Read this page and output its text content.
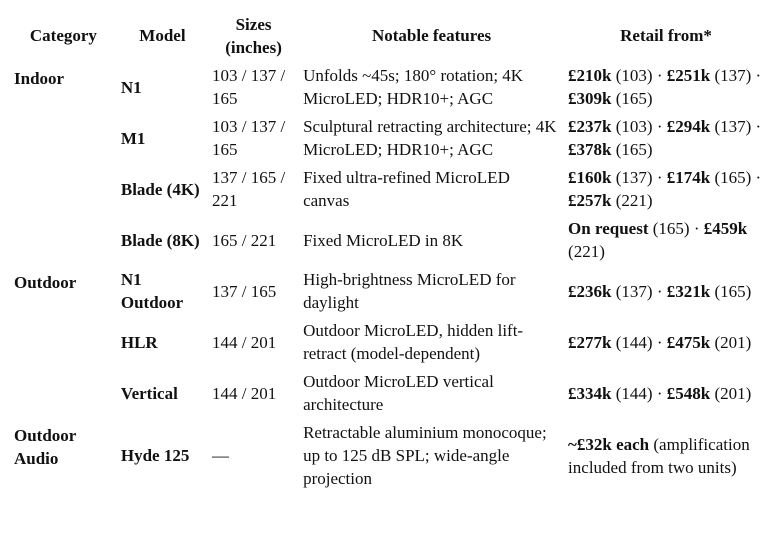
Category	Model	Sizes (inches)	Notable features	Retail from*
Indoor	N1	103 / 137 / 165	Unfolds ~45s; 180° rotation; 4K MicroLED; HDR10+; AGC	£210k (103) · £251k (137) · £309k (165)
	M1	103 / 137 / 165	Sculptural retracting architecture; 4K MicroLED; HDR10+; AGC	£237k (103) · £294k (137) · £378k (165)
	Blade (4K)	137 / 165 / 221	Fixed ultra-refined MicroLED canvas	£160k (137) · £174k (165) · £257k (221)
	Blade (8K)	165 / 221	Fixed MicroLED in 8K	On request (165) · £459k (221)
Outdoor	N1 Outdoor	137 / 165	High-brightness MicroLED for daylight	£236k (137) · £321k (165)
	HLR	144 / 201	Outdoor MicroLED, hidden lift-retract (model-dependent)	£277k (144) · £475k (201)
	Vertical	144 / 201	Outdoor MicroLED vertical architecture	£334k (144) · £548k (201)
Outdoor Audio	Hyde 125	—	Retractable aluminium monocoque; up to 125 dB SPL; wide-angle projection	~£32k each (amplification included from two units)
